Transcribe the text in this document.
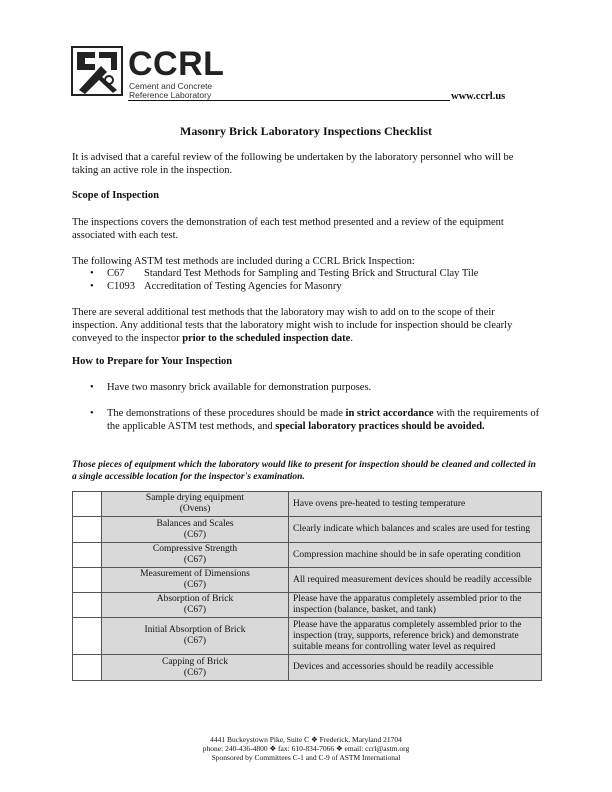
CCRL
Cement and Concrete
Reference Laboratory	www.ccrl.us
Masonry Brick Laboratory Inspections Checklist
It is advised that a careful review of the following be undertaken by the laboratory personnel who will be taking an active role in the inspection.
Scope of Inspection
The inspections covers the demonstration of each test method presented and a review of the equipment associated with each test.
The following ASTM test methods are included during a CCRL Brick Inspection:
• C67 Standard Test Methods for Sampling and Testing Brick and Structural Clay Tile
• C1093 Accreditation of Testing Agencies for Masonry
There are several additional test methods that the laboratory may wish to add on to the scope of their inspection. Any additional tests that the laboratory might wish to include for inspection should be clearly conveyed to the inspector prior to the scheduled inspection date.
How to Prepare for Your Inspection
• Have two masonry brick available for demonstration purposes.
• The demonstrations of these procedures should be made in strict accordance with the requirements of the applicable ASTM test methods, and special laboratory practices should be avoided.
Those pieces of equipment which the laboratory would like to present for inspection should be cleaned and collected in a single accessible location for the inspector's examination.

	Sample drying equipment
(Ovens)	Have ovens pre-heated to testing temperature

	Balances and Scales
(C67)	Clearly indicate which balances and scales are used for testing

	Compressive Strength
(C67)	Compression machine should be in safe operating condition

	Measurement of Dimensions
(C67)	All required measurement devices should be readily accessible

	Absorption of Brick
(C67)	Please have the apparatus completely assembled prior to the inspection (balance, basket, and tank)

	Initial Absorption of Brick
(C67)	Please have the apparatus completely assembled prior to the inspection (tray, supports, reference brick) and demonstrate suitable means for controlling water level as required

	Capping of Brick
(C67)	Devices and accessories should be readily accessible
4441 Buckeystown Pike, Suite C ❖ Frederick, Maryland 21704
phone: 240-436-4800 ❖ fax: 610-834-7066 ❖ email: ccrl@astm.org
Sponsored by Committees C-1 and C-9 of ASTM International
